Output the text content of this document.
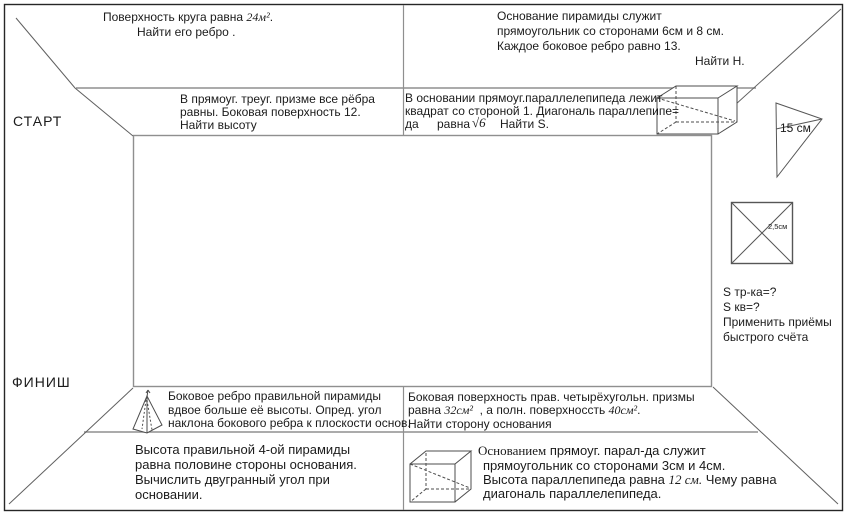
СТАРТ
ФИНИШ
Поверхность круга равна 24м².
Найти его ребро .
Основание пирамиды служит
прямоугольник со сторонами 6см и 8 см.
Каждое боковое ребро равно 13.
Найти Н.
В прямоуг. треуг. призме все рёбра
равны. Боковая поверхность 12.
Найти высоту
В основании прямоуг.параллелепипеда лежит
квадрат со стороной 1. Диагональ параллепипе=
да равна √6 Найти S.
Боковое ребро правильной пирамиды
вдвое больше её высоты. Опред. угол
наклона бокового ребра к плоскости основ.
Боковая поверхность прав. четырёхугольн. призмы
равна 32см² , а полн. поверхноссть 40см².
Найти сторону основания
Высота правильной 4-ой пирамиды
равна половине стороны основания.
Вычислить двугранный угол при
основании.
Основанием прямоуг. парал-да служит
прямоугольник со сторонами 3см и 4см.
Высота параллепипеда равна 12 см. Чему равна
диагональ параллелепипеда.
15 см
2,5см
S тр-ка=?
S кв=?
Применить приёмы
быстрого счёта
